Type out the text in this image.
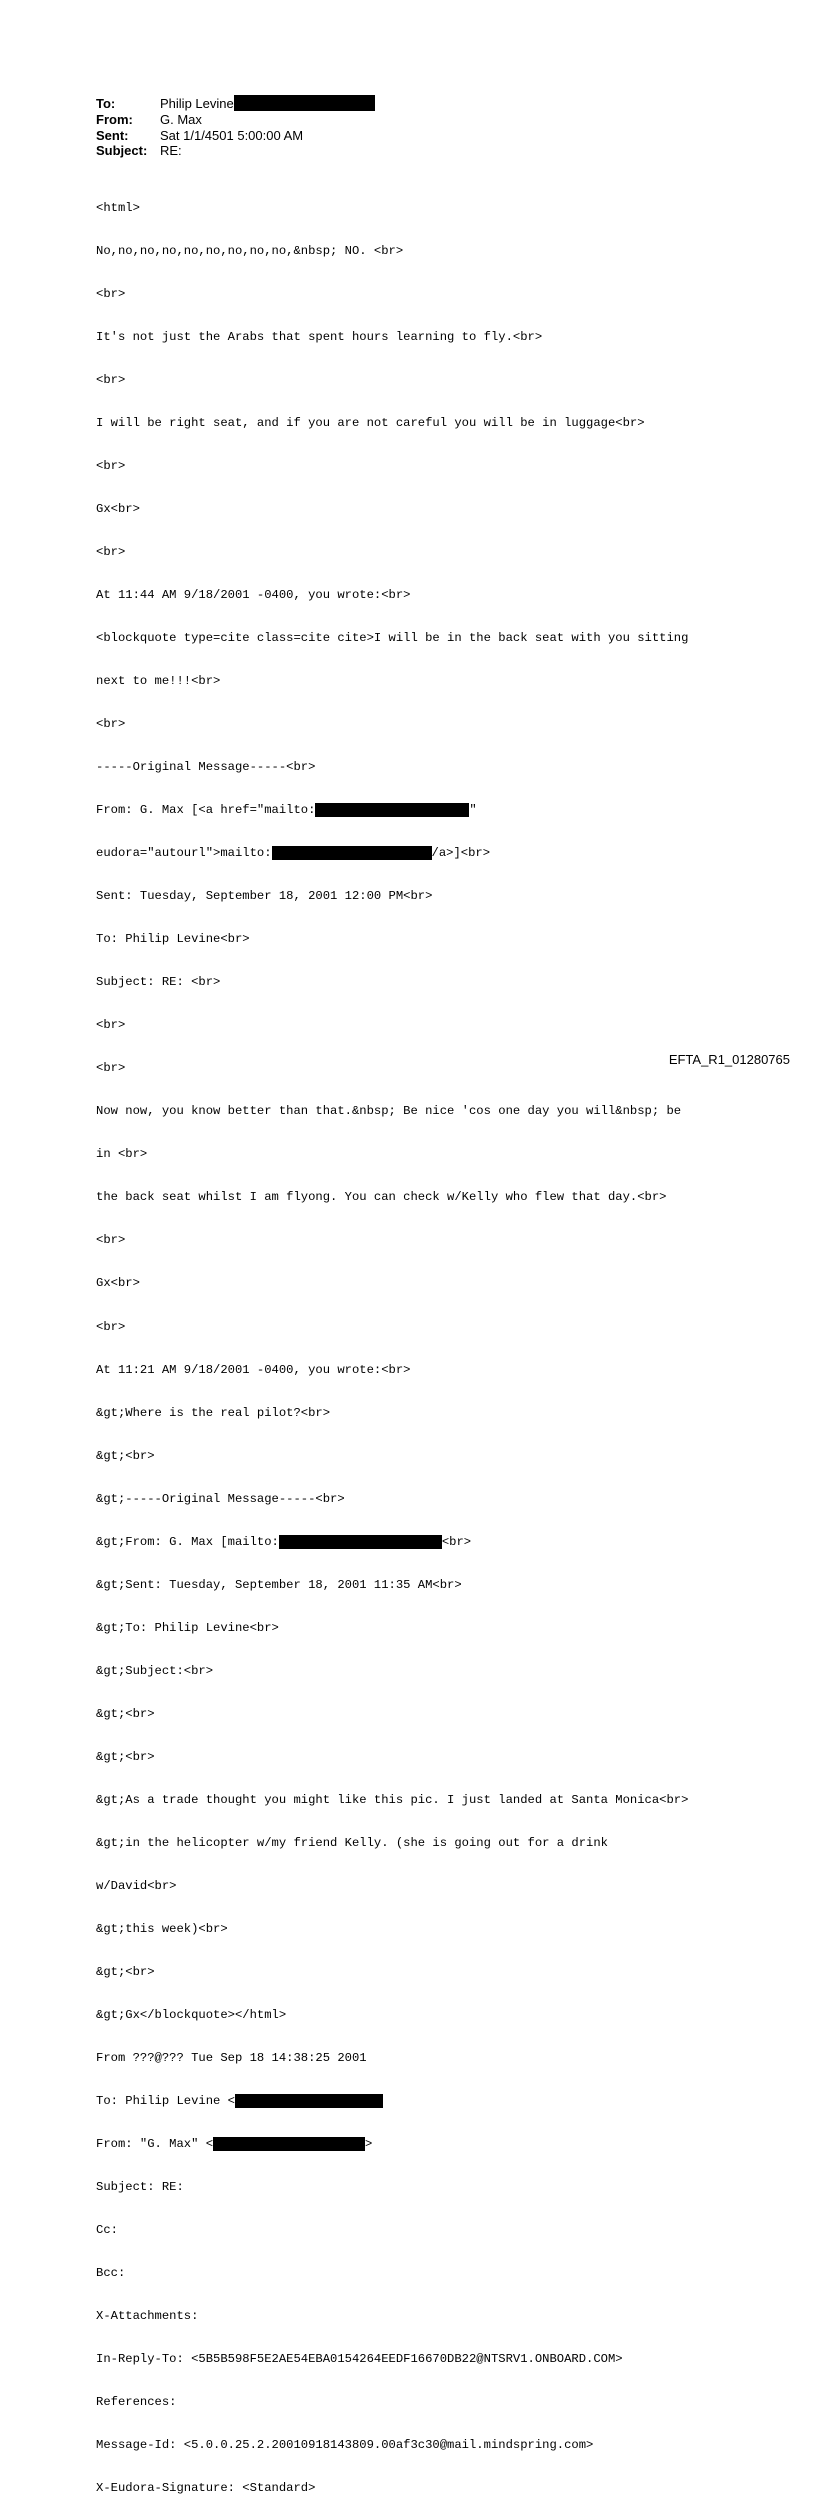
To:	Philip Levine
From:	G. Max
Sent:	Sat 1/1/4501 5:00:00 AM
Subject: RE:

<html>

No,no,no,no,no,no,no,no,no,&nbsp; NO. <br>

<br>

It's not just the Arabs that spent hours learning to fly.<br>

<br>

I will be right seat, and if you are not careful you will be in luggage<br>

<br>

Gx<br>

<br>

At 11:44 AM 9/18/2001 -0400, you wrote:<br>

<blockquote type=cite class=cite cite>I will be in the back seat with you sitting

next to me!!!<br>

<br>

-----Original Message-----<br>

From: G. Max [<a href="mailto:	"

eudora="autourl">mailto:	/a>]<br>

Sent: Tuesday, September 18, 2001 12:00 PM<br>

To: Philip Levine<br>

Subject: RE: <br>

<br>

<br>

Now now, you know better than that.&nbsp; Be nice 'cos one day you will&nbsp; be

in <br>

the back seat whilst I am flyong. You can check w/Kelly who flew that day.<br>

<br>

Gx<br>

<br>

At 11:21 AM 9/18/2001 -0400, you wrote:<br>

&gt;Where is the real pilot?<br>

&gt;<br>

&gt;-----Original Message-----<br>

&gt;From: G. Max [mailto:	<br>

&gt;Sent: Tuesday, September 18, 2001 11:35 AM<br>

&gt;To: Philip Levine<br>

&gt;Subject:<br>

&gt;<br>

&gt;<br>

&gt;As a trade thought you might like this pic. I just landed at Santa Monica<br>

&gt;in the helicopter w/my friend Kelly. (she is going out for a drink

w/David<br>

&gt;this week)<br>

&gt;<br>

&gt;Gx</blockquote></html>

From ???@??? Tue Sep 18 14:38:25 2001

To: Philip Levine <

From: "G. Max" <	>

Subject: RE:

Cc:

Bcc:

X-Attachments:

In-Reply-To: <5B5B598F5E2AE54EBA0154264EEDF16670DB22@NTSRV1.ONBOARD.COM>

References:

Message-Id: <5.0.0.25.2.20010918143809.00af3c30@mail.mindspring.com>

X-Eudora-Signature: <Standard>

EFTA_R1_01280765
